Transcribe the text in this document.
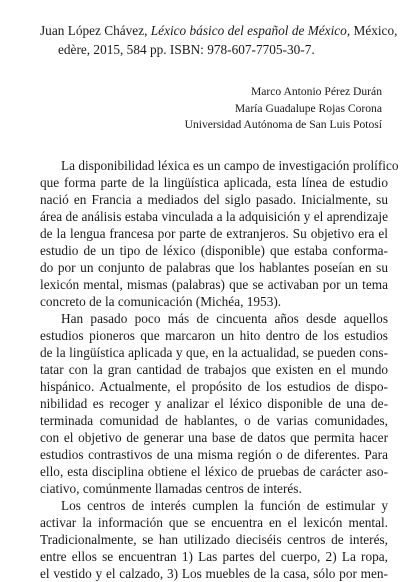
Juan López Chávez, Léxico básico del español de México, México,
edère, 2015, 584 pp. ISBN: 978-607-7705-30-7.

Marco Antonio Pérez Durán
María Guadalupe Rojas Corona
Universidad Autónoma de San Luis Potosí

La disponibilidad léxica es un campo de investigación prolífico
que forma parte de la lingüística aplicada, esta línea de estudio
nació en Francia a mediados del siglo pasado. Inicialmente, su
área de análisis estaba vinculada a la adquisición y el aprendizaje
de la lengua francesa por parte de extranjeros. Su objetivo era el
estudio de un tipo de léxico (disponible) que estaba conforma-
do por un conjunto de palabras que los hablantes poseían en su
lexicón mental, mismas (palabras) que se activaban por un tema
concreto de la comunicación (Michéa, 1953).
Han pasado poco más de cincuenta años desde aquellos
estudios pioneros que marcaron un hito dentro de los estudios
de la lingüística aplicada y que, en la actualidad, se pueden cons-
tatar con la gran cantidad de trabajos que existen en el mundo
hispánico. Actualmente, el propósito de los estudios de dispo-
nibilidad es recoger y analizar el léxico disponible de una de-
terminada comunidad de hablantes, o de varias comunidades,
con el objetivo de generar una base de datos que permita hacer
estudios contrastivos de una misma región o de diferentes. Para
ello, esta disciplina obtiene el léxico de pruebas de carácter aso-
ciativo, comúnmente llamadas centros de interés.
Los centros de interés cumplen la función de estimular y
activar la información que se encuentra en el lexicón mental.
Tradicionalmente, se han utilizado dieciséis centros de interés,
entre ellos se encuentran 1) Las partes del cuerpo, 2) La ropa,
el vestido y el calzado, 3) Los muebles de la casa, sólo por men-
